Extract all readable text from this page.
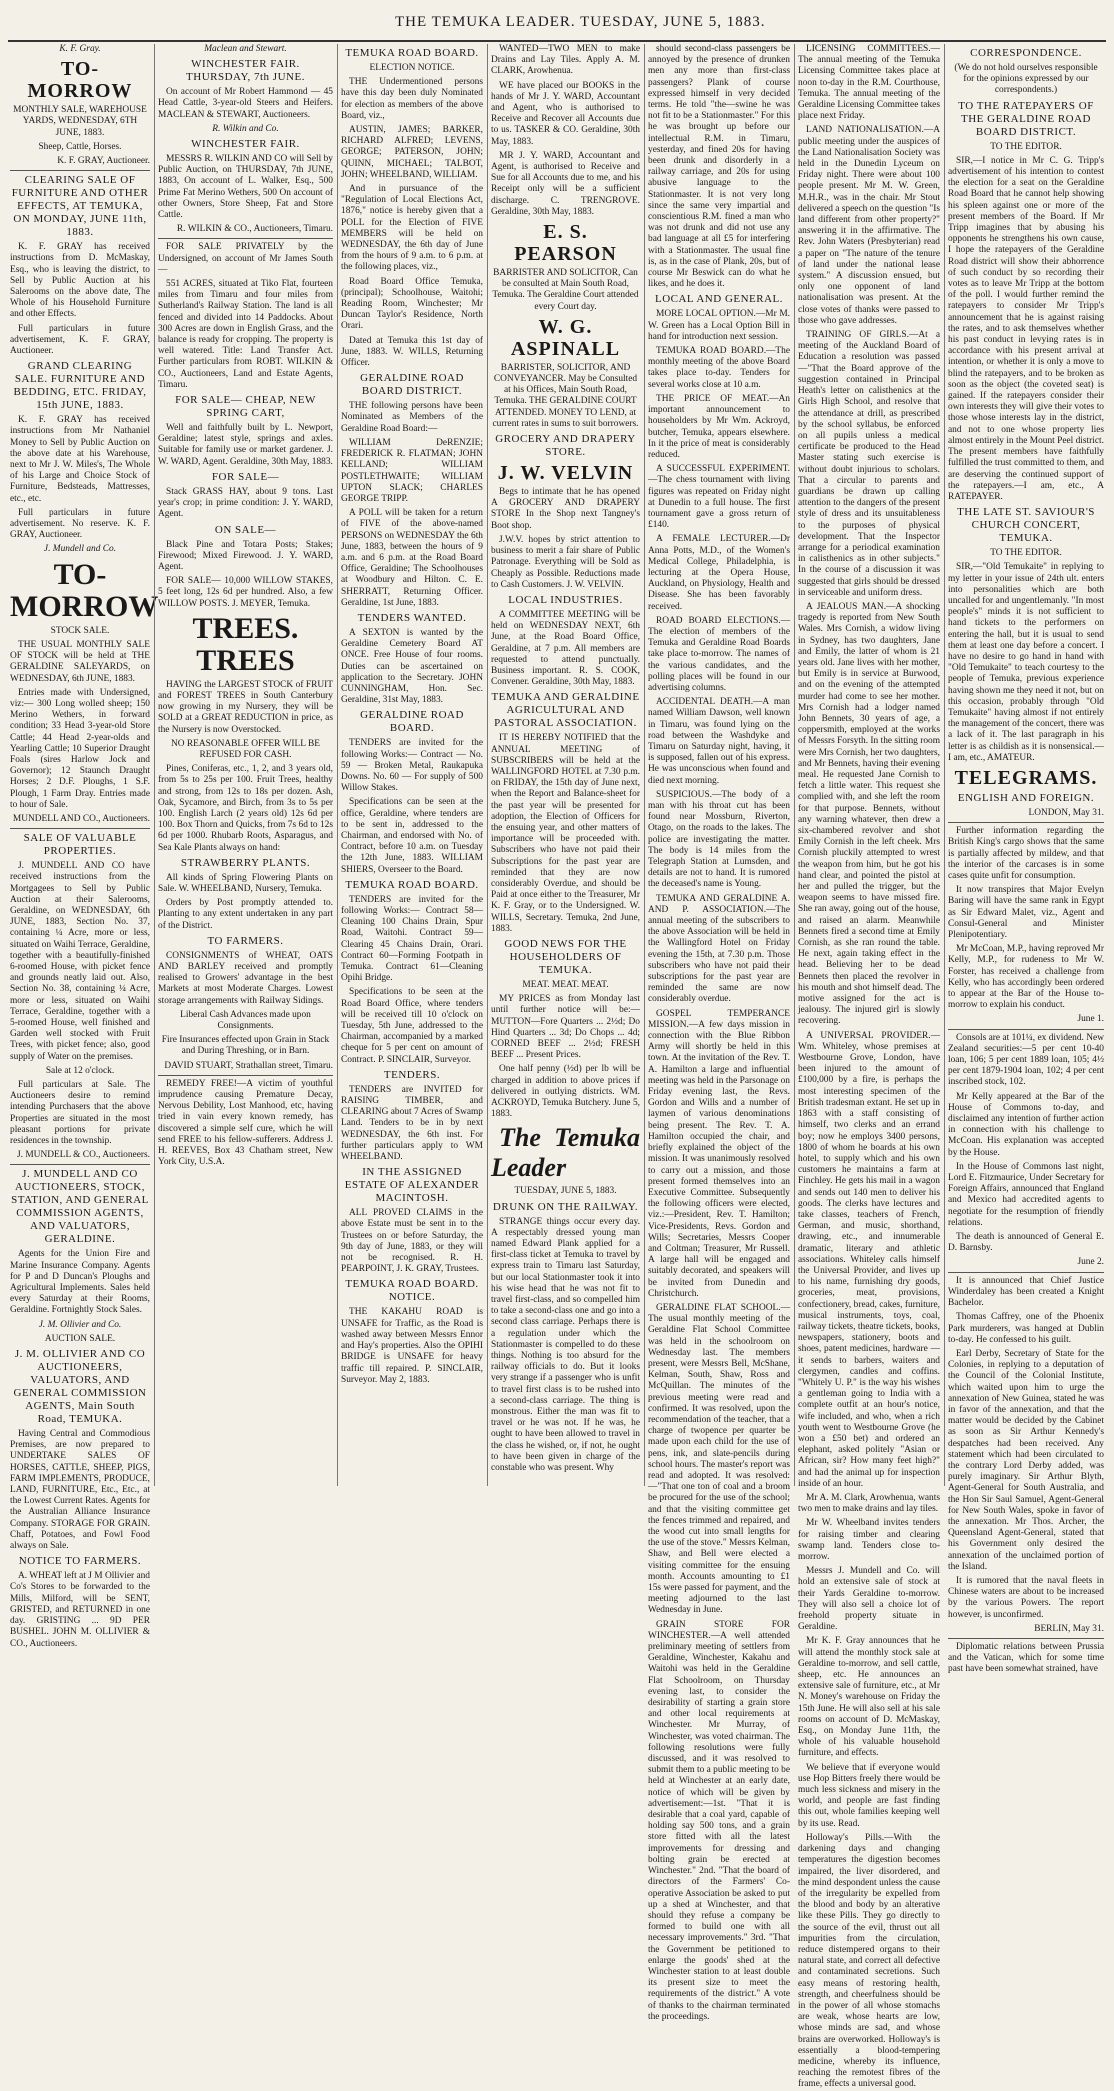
THE TEMUKA LEADER. TUESDAY, JUNE 5, 1883.

K. F. Gray.

TO-MORROW

MONTHLY SALE, WAREHOUSE YARDS, WEDNESDAY, 6TH JUNE, 1883.

Sheep, Cattle, Horses.

K. F. GRAY, Auctioneer.

CLEARING SALE OF FURNITURE AND OTHER EFFECTS, AT TEMUKA, ON MONDAY, JUNE 11th, 1883.

K. F. GRAY has received instructions from D. McMaskay, Esq., who is leaving the district, to Sell by Public Auction at his Salerooms on the above date, The Whole of his Household Furniture and other Effects.

Full particulars in future advertisement, K. F. GRAY, Auctioneer.

GRAND CLEARING SALE. FURNITURE AND BEDDING, ETC. FRIDAY, 15th JUNE, 1883.

K. F. GRAY has received instructions from Mr Nathaniel Money to Sell by Public Auction on the above date at his Warehouse, next to Mr J. W. Miles's, The Whole of his Large and Choice Stock of Furniture, Bedsteads, Mattresses, etc., etc.

Full particulars in future advertisement. No reserve. K. F. GRAY, Auctioneer.

J. Mundell and Co.

TO-MORROW

STOCK SALE.

THE USUAL MONTHLY SALE OF STOCK will be held at THE GERALDINE SALEYARDS, on WEDNESDAY, 6th JUNE, 1883.

Entries made with Undersigned, viz:— 300 Long wolled sheep; 150 Merino Wethers, in forward condition; 33 Head 3-year-old Store Cattle; 44 Head 2-year-olds and Yearling Cattle; 10 Superior Draught Foals (sires Harlow Jock and Governor); 12 Staunch Draught Horses; 2 D.F. Ploughs, 1 S.F. Plough, 1 Farm Dray. Entries made to hour of Sale.

MUNDELL AND CO., Auctioneers.

SALE OF VALUABLE PROPERTIES.

J. MUNDELL AND CO have received instructions from the Mortgagees to Sell by Public Auction at their Salerooms, Geraldine, on WEDNESDAY, 6th JUNE, 1883, Section No. 37, containing ¼ Acre, more or less, situated on Waihi Terrace, Geraldine, together with a beautifully-finished 6-roomed House, with picket fence and grounds neatly laid out. Also, Section No. 38, containing ¼ Acre, more or less, situated on Waihi Terrace, Geraldine, together with a 5-roomed House, well finished and Garden well stocked with Fruit Trees, with picket fence; also, good supply of Water on the premises.

Sale at 12 o'clock.

Full particulars at Sale. The Auctioneers desire to remind intending Purchasers that the above Properties are situated in the most pleasant portions for private residences in the township.

J. MUNDELL & CO., Auctioneers.

J. MUNDELL AND CO AUCTIONEERS, STOCK, STATION, AND GENERAL COMMISSION AGENTS, AND VALUATORS, GERALDINE.

Agents for the Union Fire and Marine Insurance Company. Agents for P and D Duncan's Ploughs and Agricultural Implements. Sales held every Saturday at their Rooms, Geraldine. Fortnightly Stock Sales.

J. M. Ollivier and Co.

AUCTION SALE.

J. M. OLLIVIER AND CO AUCTIONEERS, VALUATORS, AND GENERAL COMMISSION AGENTS, Main South Road, TEMUKA.

Having Central and Commodious Premises, are now prepared to UNDERTAKE SALES OF HORSES, CATTLE, SHEEP, PIGS, FARM IMPLEMENTS, PRODUCE, LAND, FURNITURE, Etc., Etc., at the Lowest Current Rates. Agents for the Australian Alliance Insurance Company. STORAGE FOR GRAIN. Chaff, Potatoes, and Fowl Food always on Sale.

NOTICE TO FARMERS.

A. WHEAT left at J M Ollivier and Co's Stores to be forwarded to the Mills, Milford, will be SENT, GRISTED, and RETURNED in one day. GRISTING ... 9D PER BUSHEL. JOHN M. OLLIVIER & CO., Auctioneers.

Maclean and Stewart.

WINCHESTER FAIR. THURSDAY, 7th JUNE.

On account of Mr Robert Hammond — 45 Head Cattle, 3-year-old Steers and Heifers. MACLEAN & STEWART, Auctioneers.

R. Wilkin and Co.

WINCHESTER FAIR.

MESSRS R. WILKIN AND CO will Sell by Public Auction, on THURSDAY, 7th JUNE, 1883, On account of L. Walker, Esq., 500 Prime Fat Merino Wethers, 500 On account of other Owners, Store Sheep, Fat and Store Cattle.

R. WILKIN & CO., Auctioneers, Timaru.

FOR SALE PRIVATELY by the Undersigned, on account of Mr James South—

551 ACRES, situated at Tiko Flat, fourteen miles from Timaru and four miles from Sutherland's Railway Station. The land is all fenced and divided into 14 Paddocks. About 300 Acres are down in English Grass, and the balance is ready for cropping. The property is well watered. Title: Land Transfer Act. Further particulars from ROBT. WILKIN & CO., Auctioneers, Land and Estate Agents, Timaru.

FOR SALE— CHEAP, NEW SPRING CART,

Well and faithfully built by L. Newport, Geraldine; latest style, springs and axles. Suitable for family use or market gardener. J. W. WARD, Agent. Geraldine, 30th May, 1883.

FOR SALE—

Stack GRASS HAY, about 9 tons. Last year's crop; in prime condition: J. Y. WARD, Agent.

ON SALE—

Black Pine and Totara Posts; Stakes; Firewood; Mixed Firewood. J. Y. WARD, Agent.

FOR SALE— 10,000 WILLOW STAKES, 5 feet long, 12s 6d per hundred. Also, a few WILLOW POSTS. J. MEYER, Temuka.

TREES. TREES

HAVING the LARGEST STOCK of FRUIT and FOREST TREES in South Canterbury now growing in my Nursery, they will be SOLD at a GREAT REDUCTION in price, as the Nursery is now Overstocked.

NO REASONABLE OFFER WILL BE REFUSED FOR CASH.

Pines, Coniferas, etc., 1, 2, and 3 years old, from 5s to 25s per 100. Fruit Trees, healthy and strong, from 12s to 18s per dozen. Ash, Oak, Sycamore, and Birch, from 3s to 5s per 100. English Larch (2 years old) 12s 6d per 100. Box Thorn and Quicks, from 7s 6d to 12s 6d per 1000. Rhubarb Roots, Asparagus, and Sea Kale Plants always on hand:

STRAWBERRY PLANTS.

All kinds of Spring Flowering Plants on Sale. W. WHEELBAND, Nursery, Temuka.

Orders by Post promptly attended to. Planting to any extent undertaken in any part of the District.

TO FARMERS.

CONSIGNMENTS of WHEAT, OATS AND BARLEY received and promptly realised to Growers' advantage in the best Markets at most Moderate Charges. Lowest storage arrangements with Railway Sidings.

Liberal Cash Advances made upon Consignments.

Fire Insurances effected upon Grain in Stack and During Threshing, or in Barn.

DAVID STUART, Strathallan street, Timaru.

REMEDY FREE!—A victim of youthful imprudence causing Premature Decay, Nervous Debility, Lost Manhood, etc, having tried in vain every known remedy, has discovered a simple self cure, which he will send FREE to his fellow-sufferers. Address J. H. REEVES, Box 43 Chatham street, New York City, U.S.A.

TEMUKA ROAD BOARD.

ELECTION NOTICE.

THE Undermentioned persons have this day been duly Nominated for election as members of the above Board, viz.,

AUSTIN, JAMES; BARKER, RICHARD ALFRED; LEVENS, GEORGE; PATERSON, JOHN; QUINN, MICHAEL; TALBOT, JOHN; WHEELBAND, WILLIAM.

And in pursuance of the "Regulation of Local Elections Act, 1876," notice is hereby given that a POLL for the Election of FIVE MEMBERS will be held on WEDNESDAY, the 6th day of June from the hours of 9 a.m. to 6 p.m. at the following places, viz.,

Road Board Office Temuka, (principal); Schoolhouse, Waitohi; Reading Room, Winchester; Mr Duncan Taylor's Residence, North Orari.

Dated at Temuka this 1st day of June, 1883. W. WILLS, Returning Officer.

GERALDINE ROAD BOARD DISTRICT.

THE following persons have been Nominated as Members of the Geraldine Road Board:—

WILLIAM DeRENZIE; FREDERICK R. FLATMAN; JOHN KELLAND; WILLIAM POSTLETHWAITE; WILLIAM UPTON SLACK; CHARLES GEORGE TRIPP.

A POLL will be taken for a return of FIVE of the above-named PERSONS on WEDNESDAY the 6th June, 1883, between the hours of 9 a.m. and 6 p.m. at the Road Board Office, Geraldine; The Schoolhouses at Woodbury and Hilton. C. E. SHERRATT, Returning Officer. Geraldine, 1st June, 1883.

TENDERS WANTED.

A SEXTON is wanted by the Geraldine Cemetery Board AT ONCE. Free House of four rooms. Duties can be ascertained on application to the Secretary. JOHN CUNNINGHAM, Hon. Sec. Geraldine, 31st May, 1883.

GERALDINE ROAD BOARD.

TENDERS are invited for the following Works:— Contract — No. 59 — Broken Metal, Raukapuka Downs. No. 60 — For supply of 500 Willow Stakes.

Specifications can be seen at the office, Geraldine, where tenders are to be sent in, addressed to the Chairman, and endorsed with No. of Contract, before 10 a.m. on Tuesday the 12th June, 1883. WILLIAM SHIERS, Overseer to the Board.

TEMUKA ROAD BOARD.

TENDERS are invited for the following Works:— Contract 58—Cleaning 100 Chains Drain, Spur Road, Waitohi. Contract 59—Clearing 45 Chains Drain, Orari. Contract 60—Forming Footpath in Temuka. Contract 61—Cleaning Opihi Bridge.

Specifications to be seen at the Road Board Office, where tenders will be received till 10 o'clock on Tuesday, 5th June, addressed to the Chairman, accompanied by a marked cheque for 5 per cent on amount of Contract. P. SINCLAIR, Surveyor.

TENDERS.

TENDERS are INVITED for RAISING TIMBER, and CLEARING about 7 Acres of Swamp Land. Tenders to be in by next WEDNESDAY, the 6th inst. For further particulars apply to WM WHEELBAND.

IN THE ASSIGNED ESTATE OF ALEXANDER MACINTOSH.

ALL PROVED CLAIMS in the above Estate must be sent in to the Trustees on or before Saturday, the 9th day of June, 1883, or they will not be recognised. R. H. PEARPOINT, J. K. GRAY, Trustees.

TEMUKA ROAD BOARD. NOTICE.

THE KAKAHU ROAD is UNSAFE for Traffic, as the Road is washed away between Messrs Ennor and Hay's properties. Also the OPIHI BRIDGE is UNSAFE for heavy traffic till repaired. P. SINCLAIR, Surveyor. May 2, 1883.

WANTED—TWO MEN to make Drains and Lay Tiles. Apply A. M. CLARK, Arowhenua.

WE have placed our BOOKS in the hands of Mr J. Y. WARD, Accountant and Agent, who is authorised to Receive and Recover all Accounts due to us. TASKER & CO. Geraldine, 30th May, 1883.

MR J. Y. WARD, Accountant and Agent, is authorised to Receive and Sue for all Accounts due to me, and his Receipt only will be a sufficient discharge. C. TRENGROVE. Geraldine, 30th May, 1883.

E. S. PEARSON

BARRISTER AND SOLICITOR, Can be consulted at Main South Road, Temuka. The Geraldine Court attended every Court day.

W. G. ASPINALL

BARRISTER, SOLICITOR, AND CONVEYANCER. May be Consulted at his Offices, Main South Road, Temuka. THE GERALDINE COURT ATTENDED. MONEY TO LEND, at current rates in sums to suit borrowers.

GROCERY AND DRAPERY STORE.

J. W. VELVIN

Begs to intimate that he has opened A GROCERY AND DRAPERY STORE In the Shop next Tangney's Boot shop.

J.W.V. hopes by strict attention to business to merit a fair share of Public Patronage. Everything will be Sold as Cheaply as Possible. Reductions made to Cash Customers. J. W. VELVIN.

LOCAL INDUSTRIES.

A COMMITTEE MEETING will be held on WEDNESDAY NEXT, 6th June, at the Road Board Office, Geraldine, at 7 p.m. All members are requested to attend punctually. Business important. R. S. COOK, Convener. Geraldine, 30th May, 1883.

TEMUKA AND GERALDINE AGRICULTURAL AND PASTORAL ASSOCIATION.

IT IS HEREBY NOTIFIED that the ANNUAL MEETING of SUBSCRIBERS will be held at the WALLINGFORD HOTEL at 7.30 p.m. on FRIDAY, the 15th day of June next, when the Report and Balance-sheet for the past year will be presented for adoption, the Election of Officers for the ensuing year, and other matters of importance will be proceeded with. Subscribers who have not paid their Subscriptions for the past year are reminded that they are now considerably Overdue, and should be Paid at once either to the Treasurer, Mr K. F. Gray, or to the Undersigned. W. WILLS, Secretary. Temuka, 2nd June, 1883.

GOOD NEWS FOR THE HOUSEHOLDERS OF TEMUKA.

MEAT. MEAT. MEAT.

MY PRICES as from Monday last until further notice will be:— MUTTON—Fore Quarters ... 2½d; Do Hind Quarters ... 3d; Do Chops ... 4d; CORNED BEEF ... 2½d; FRESH BEEF ... Present Prices.

One half penny (½d) per lb will be charged in addition to above prices if delivered in outlying districts. WM. ACKROYD, Temuka Butchery. June 5, 1883.

The Temuka Leader

TUESDAY, JUNE 5, 1883.

DRUNK ON THE RAILWAY.

STRANGE things occur every day. A respectably dressed young man named Edward Plank applied for a first-class ticket at Temuka to travel by express train to Timaru last Saturday, but our local Stationmaster took it into his wise head that he was not fit to travel first-class, and so compelled him to take a second-class one and go into a second class carriage. Perhaps there is a regulation under which the Stationmaster is compelled to do these things. Nothing is too absurd for the railway officials to do. But it looks very strange if a passenger who is unfit to travel first class is to be rushed into a second-class carriage. The thing is monstrous. Either the man was fit to travel or he was not. If he was, he ought to have been allowed to travel in the class he wished, or, if not, he ought to have been given in charge of the constable who was present. Why

should second-class passengers be annoyed by the presence of drunken men any more than first-class passengers? Plank of course expressed himself in very decided terms. He told "the—swine he was not fit to be a Stationmaster." For this he was brought up before our intellectual R.M. in Timaru, yesterday, and fined 20s for having been drunk and disorderly in a railway carriage, and 20s for using abusive language to the Stationmaster. It is not very long since the same very impartial and conscientious R.M. fined a man who was not drunk and did not use any bad language at all £5 for interfering with a Stationmaster. The usual fine is, as in the case of Plank, 20s, but of course Mr Beswick can do what he likes, and he does it.

LOCAL AND GENERAL.

MORE LOCAL OPTION.—Mr M. W. Green has a Local Option Bill in hand for introduction next session.

TEMUKA ROAD BOARD.—The monthly meeting of the above Board takes place to-day. Tenders for several works close at 10 a.m.

THE PRICE OF MEAT.—An important announcement to householders by Mr Wm. Ackroyd, butcher, Temuka, appears elsewhere. In it the price of meat is considerably reduced.

A SUCCESSFUL EXPERIMENT.—The chess tournament with living figures was repeated on Friday night at Dunedin to a full house. The first tournament gave a gross return of £140.

A FEMALE LECTURER.—Dr Anna Potts, M.D., of the Women's Medical College, Philadelphia, is lecturing at the Opera House, Auckland, on Physiology, Health and Disease. She has been favorably received.

ROAD BOARD ELECTIONS.—The election of members of the Temuka and Geraldine Road Boards take place to-morrow. The names of the various candidates, and the polling places will be found in our advertising columns.

ACCIDENTAL DEATH.—A man named William Dawson, well known in Timaru, was found lying on the road between the Washdyke and Timaru on Saturday night, having, it is supposed, fallen out of his express. He was unconscious when found and died next morning.

SUSPICIOUS.—The body of a man with his throat cut has been found near Mossburn, Riverton, Otago, on the roads to the lakes. The police are investigating the matter. The body is 14 miles from the Telegraph Station at Lumsden, and details are not to hand. It is rumored the deceased's name is Young.

TEMUKA AND GERALDINE A. AND P. ASSOCIATION.—The annual meeting of the subscribers to the above Association will be held in the Wallingford Hotel on Friday evening the 15th, at 7.30 p.m. Those subscribers who have not paid their subscriptions for the past year are reminded the same are now considerably overdue.

GOSPEL TEMPERANCE MISSION.—A few days mission in connection with the Blue Ribbon Army will shortly be held in this town. At the invitation of the Rev. T. A. Hamilton a large and influential meeting was held in the Parsonage on Friday evening last, the Revs. Gordon and Wills and a number of laymen of various denominations being present. The Rev. T. A. Hamilton occupied the chair, and briefly explained the object of the mission. It was unanimously resolved to carry out a mission, and those present formed themselves into an Executive Committee. Subsequently the following officers were elected, viz.:—President, Rev. T. Hamilton; Vice-Presidents, Revs. Gordon and Wills; Secretaries, Messrs Cooper and Coltman; Treasurer, Mr Russell. A large hall will be engaged and suitably decorated, and speakers will be invited from Dunedin and Christchurch.

GERALDINE FLAT SCHOOL.—The usual monthly meeting of the Geraldine Flat School Committee was held in the schoolroom on Wednesday last. The members present, were Messrs Bell, McShane, Kelman, South, Shaw, Ross and McQuillan. The minutes of the previous meeting were read and confirmed. It was resolved, upon the recommendation of the teacher, that a charge of twopence per quarter be made upon each child for the use of pens, ink, and slate-pencils during school hours. The master's report was read and adopted. It was resolved:—"That one ton of coal and a broom be procured for the use of the school; and that the visiting committee get the fences trimmed and repaired, and the wood cut into small lengths for the use of the stove." Messrs Kelman, Shaw, and Bell were elected a visiting committee for the ensuing month. Accounts amounting to £1 15s were passed for payment, and the meeting adjourned to the last Wednesday in June.

GRAIN STORE FOR WINCHESTER.—A well attended preliminary meeting of settlers from Geraldine, Winchester, Kakahu and Waitohi was held in the Geraldine Flat Schoolroom, on Thursday evening last, to consider the desirability of starting a grain store and other local requirements at Winchester. Mr Murray, of Winchester, was voted chairman. The following resolutions were fully discussed, and it was resolved to submit them to a public meeting to be held at Winchester at an early date, notice of which will be given by advertisement:—1st. "That it is desirable that a coal yard, capable of holding say 500 tons, and a grain store fitted with all the latest improvements for dressing and bolting grain be erected at Winchester." 2nd. "That the board of directors of the Farmers' Co-operative Association be asked to put up a shed at Winchester, and that should they refuse a company be formed to build one with all necessary improvements." 3rd. "That the Government be petitioned to enlarge the goods' shed at the Winchester station to at least double its present size to meet the requirements of the district." A vote of thanks to the chairman terminated the proceedings.

LICENSING COMMITTEES.—The annual meeting of the Temuka Licensing Committee takes place at noon to-day in the R.M. Courthouse, Temuka. The annual meeting of the Geraldine Licensing Committee takes place next Friday.

LAND NATIONALISATION.—A public meeting under the auspices of the Land Nationalisation Society was held in the Dunedin Lyceum on Friday night. There were about 100 people present. Mr M. W. Green, M.H.R., was in the chair. Mr Stout delivered a speech on the question "Is land different from other property?" answering it in the affirmative. The Rev. John Waters (Presbyterian) read a paper on "The nature of the tenure of land under the national lease system." A discussion ensued, but only one opponent of land nationalisation was present. At the close votes of thanks were passed to those who gave addresses.

TRAINING OF GIRLS.—At a meeting of the Auckland Board of Education a resolution was passed—"That the Board approve of the suggestion contained in Principal Heath's letter on calisthenics at the Girls High School, and resolve that the attendance at drill, as prescribed by the school syllabus, be enforced on all pupils unless a medical certificate be produced to the Head Master stating such exercise is without doubt injurious to scholars. That a circular to parents and guardians be drawn up calling attention to the dangers of the present style of dress and its unsuitableness to the purposes of physical development. That the Inspector arrange for a periodical examination in calisthenics as in other subjects." In the course of a discussion it was suggested that girls should be dressed in serviceable and uniform dress.

A JEALOUS MAN.—A shocking tragedy is reported from New South Wales. Mrs Cornish, a widow living in Sydney, has two daughters, Jane and Emily, the latter of whom is 21 years old. Jane lives with her mother, but Emily is in service at Burwood, and on the evening of the attempted murder had come to see her mother. Mrs Cornish had a lodger named John Bennets, 30 years of age, a coppersmith, employed at the works of Messrs Forsyth. In the sitting room were Mrs Cornish, her two daughters, and Mr Bennets, having their evening meal. He requested Jane Cornish to fetch a little water. This request she complied with, and she left the room for that purpose. Bennets, without any warning whatever, then drew a six-chambered revolver and shot Emily Cornish in the left cheek. Mrs Cornish pluckily attempted to wrest the weapon from him, but he got his hand clear, and pointed the pistol at her and pulled the trigger, but the weapon seems to have missed fire. She ran away, going out of the house, and raised an alarm. Meanwhile Bennets fired a second time at Emily Cornish, as she ran round the table. He next, again taking effect in the head. Believing her to be dead Bennets then placed the revolver in his mouth and shot himself dead. The motive assigned for the act is jealousy. The injured girl is slowly recovering.

A UNIVERSAL PROVIDER.—Wm. Whiteley, whose premises at Westbourne Grove, London, have been injured to the amount of £100,000 by a fire, is perhaps the most interesting specimen of the British tradesman extant. He set up in 1863 with a staff consisting of himself, two clerks and an errand boy; now he employs 3400 persons, 1800 of whom he boards at his own hotel, to supply which and his own customers he maintains a farm at Finchley. He gets his mail in a wagon and sends out 140 men to deliver his goods. The clerks have lectures and take classes, teachers of French, German, and music, shorthand, drawing, etc., and innumerable dramatic, literary and athletic associations. Whiteley calls himself the Universal Provider, and lives up to his name, furnishing dry goods, groceries, meat, provisions, confectionery, bread, cakes, furniture, musical instruments, toys, coal, railway tickets, theatre tickets, books, newspapers, stationery, boots and shoes, patent medicines, hardware — it sends to barbers, waiters and clergymen, candles and coffins. "Whitely U. P." is the way his wishes a gentleman going to India with a complete outfit at an hour's notice, wife included, and who, when a rich youth went to Westbourne Grove (he won a £50 bet) and ordered an elephant, asked politely "Asian or African, sir? How many feet high?" and had the animal up for inspection inside of an hour.

Mr A. M. Clark, Arowhenua, wants two men to make drains and lay tiles.

Mr W. Wheelband invites tenders for raising timber and clearing swamp land. Tenders close to-morrow.

Messrs J. Mundell and Co. will hold an extensive sale of stock at their Yards Geraldine to-morrow. They will also sell a choice lot of freehold property situate in Geraldine.

Mr K. F. Gray announces that he will attend the monthly stock sale at Geraldine to-morrow, and sell cattle, sheep, etc. He announces an extensive sale of furniture, etc., at Mr N. Money's warehouse on Friday the 15th June. He will also sell at his sale rooms on account of D. McMaskay, Esq., on Monday June 11th, the whole of his valuable household furniture, and effects.

We believe that if everyone would use Hop Bitters freely there would be much less sickness and misery in the world, and people are fast finding this out, whole families keeping well by its use. Read.

Holloway's Pills.—With the darkening days and changing temperatures the digestion becomes impaired, the liver disordered, and the mind despondent unless the cause of the irregularity be expelled from the blood and body by an alterative like these Pills. They go directly to the source of the evil, thrust out all impurities from the circulation, reduce distempered organs to their natural state, and correct all defective and contaminated secretions. Such easy means of restoring health, strength, and cheerfulness should be in the power of all whose stomachs are weak, whose hearts are low, whose minds are sad, and whose brains are overworked. Holloway's is essentially a blood-tempering medicine, whereby its influence, reaching the remotest fibres of the frame, effects a universal good.

CORRESPONDENCE.

(We do not hold ourselves responsible for the opinions expressed by our correspondents.)

TO THE RATEPAYERS OF THE GERALDINE ROAD BOARD DISTRICT.

TO THE EDITOR.

SIR,—I notice in Mr C. G. Tripp's advertisement of his intention to contest the election for a seat on the Geraldine Road Board that he cannot help showing his spleen against one or more of the present members of the Board. If Mr Tripp imagines that by abusing his opponents he strengthens his own cause, I hope the ratepayers of the Geraldine Road district will show their abhorrence of such conduct by so recording their votes as to leave Mr Tripp at the bottom of the poll. I would further remind the ratepayers to consider Mr Tripp's announcement that he is against raising the rates, and to ask themselves whether his past conduct in levying rates is in accordance with his present arrival at intention, or whether it is only a move to blind the ratepayers, and to be broken as soon as the object (the coveted seat) is gained. If the ratepayers consider their own interests they will give their votes to those whose interests lay in the district, and not to one whose property lies almost entirely in the Mount Peel district. The present members have faithfully fulfilled the trust committed to them, and are deserving the continued support of the ratepayers.—I am, etc., A RATEPAYER.

THE LATE ST. SAVIOUR'S CHURCH CONCERT, TEMUKA.

TO THE EDITOR.

SIR,—"Old Temukaite" in replying to my letter in your issue of 24th ult. enters into personalities which are both uncalled for and ungentlemanly. "In most people's" minds it is not sufficient to hand tickets to the performers on entering the hall, but it is usual to send them at least one day before a concert. I have no desire to go hand in hand with "Old Temukaite" to teach courtesy to the people of Temuka, previous experience having shown me they need it not, but on this occasion, probably through "Old Temukaite" having almost if not entirely the management of the concert, there was a lack of it. The last paragraph in his letter is as childish as it is nonsensical.—I am, etc., AMATEUR.

TELEGRAMS.

ENGLISH AND FOREIGN.

LONDON, May 31.

Further information regarding the British King's cargo shows that the same is partially affected by mildew, and that the interior of the carcases is in some cases quite unfit for consumption.

It now transpires that Major Evelyn Baring will have the same rank in Egypt as Sir Edward Malet, viz., Agent and Consul-General and Minister Plenipotentiary.

Mr McCoan, M.P., having reproved Mr Kelly, M.P., for rudeness to Mr W. Forster, has received a challenge from Kelly, who has accordingly been ordered to appear at the Bar of the House to-morrow to explain his conduct.

June 1.

Consols are at 101¼, ex dividend. New Zealand securities:—5 per cent 10-40 loan, 106; 5 per cent 1889 loan, 105; 4½ per cent 1879-1904 loan, 102; 4 per cent inscribed stock, 102.

Mr Kelly appeared at the Bar of the House of Commons to-day, and disclaimed any intention of further action in connection with his challenge to McCoan. His explanation was accepted by the House.

In the House of Commons last night, Lord E. Fitzmaurice, Under Secretary for Foreign Affairs, announced that England and Mexico had accredited agents to negotiate for the resumption of friendly relations.

The death is announced of General E. D. Barnsby.

June 2.

It is announced that Chief Justice Winderdaley has been created a Knight Bachelor.

Thomas Caffrey, one of the Phoenix Park murderers, was hanged at Dublin to-day. He confessed to his guilt.

Earl Derby, Secretary of State for the Colonies, in replying to a deputation of the Council of the Colonial Institute, which waited upon him to urge the annexation of New Guinea, stated he was in favor of the annexation, and that the matter would be decided by the Cabinet as soon as Sir Arthur Kennedy's despatches had been received. Any statement which had been circulated to the contrary Lord Derby added, was purely imaginary. Sir Arthur Blyth, Agent-General for South Australia, and the Hon Sir Saul Samuel, Agent-General for New South Wales, spoke in favor of the annexation. Mr Thos. Archer, the Queensland Agent-General, stated that his Government only desired the annexation of the unclaimed portion of the Island.

It is rumored that the naval fleets in Chinese waters are about to be increased by the various Powers. The report however, is unconfirmed.

BERLIN, May 31.

Diplomatic relations between Prussia and the Vatican, which for some time past have been somewhat strained, have
